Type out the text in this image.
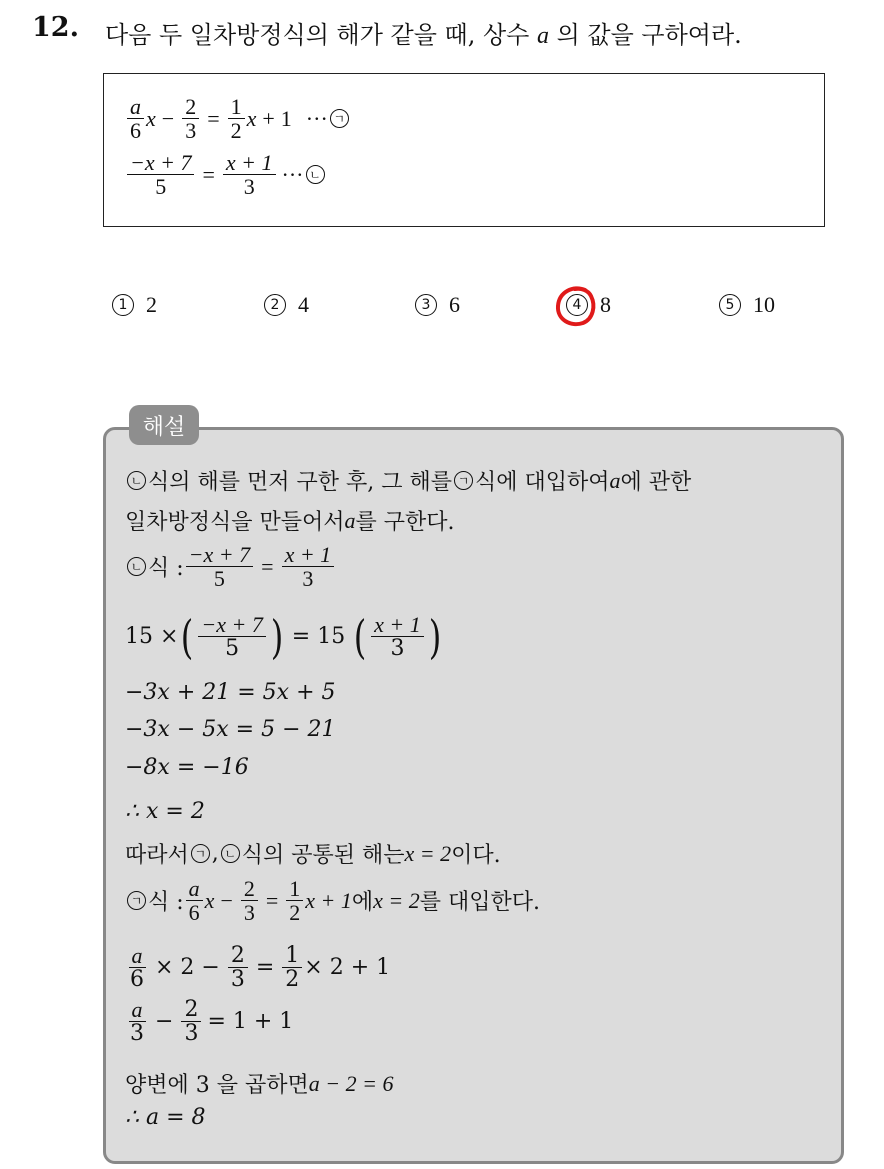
12. 다음 두 일차방정식의 해가 같을 때, 상수 a 의 값을 구하여라.
$\frac{a}{6}$ $x - \frac{2}{3} = \frac{1}{2}$ x + 1 ··· ㄱ
$\frac{-x + 7}{5} = \frac{x + 1}{3}$ ··· ㄴ
1 2	2 4	3 6	4 8	5 10
해설
ㄴ 식의 해를 먼저 구한 후, 그 해를 ㄱ 식에 대입하여 a 에 관한
일차방정식을 만들어서 a 를 구한다.
ㄴ 식 : $\frac{-x + 7}{5} = \frac{x + 1}{3}$
15 × ( $\frac{-x + 7}{5}$ ) = 15 ( $\frac{x + 1}{3}$ )
−3x + 21 = 5x + 5
−3x − 5x = 5 − 21
−8x = −16
∴ x = 2
따라서 ㄱ , ㄴ 식의 공통된 해는 x = 2 이다.
ㄱ 식 : $\frac{a}{6}$ $x - \frac{2}{3} = \frac{1}{2}$ x + 1 에 x = 2 를 대입한다.
$\frac{a}{6} \times 2 - \frac{2}{3} = \frac{1}{2} \times 2 + 1$
$\frac{a}{3} - \frac{2}{3} = 1 + 1$
양변에 3 을 곱하면 a − 2 = 6
∴ a = 8
